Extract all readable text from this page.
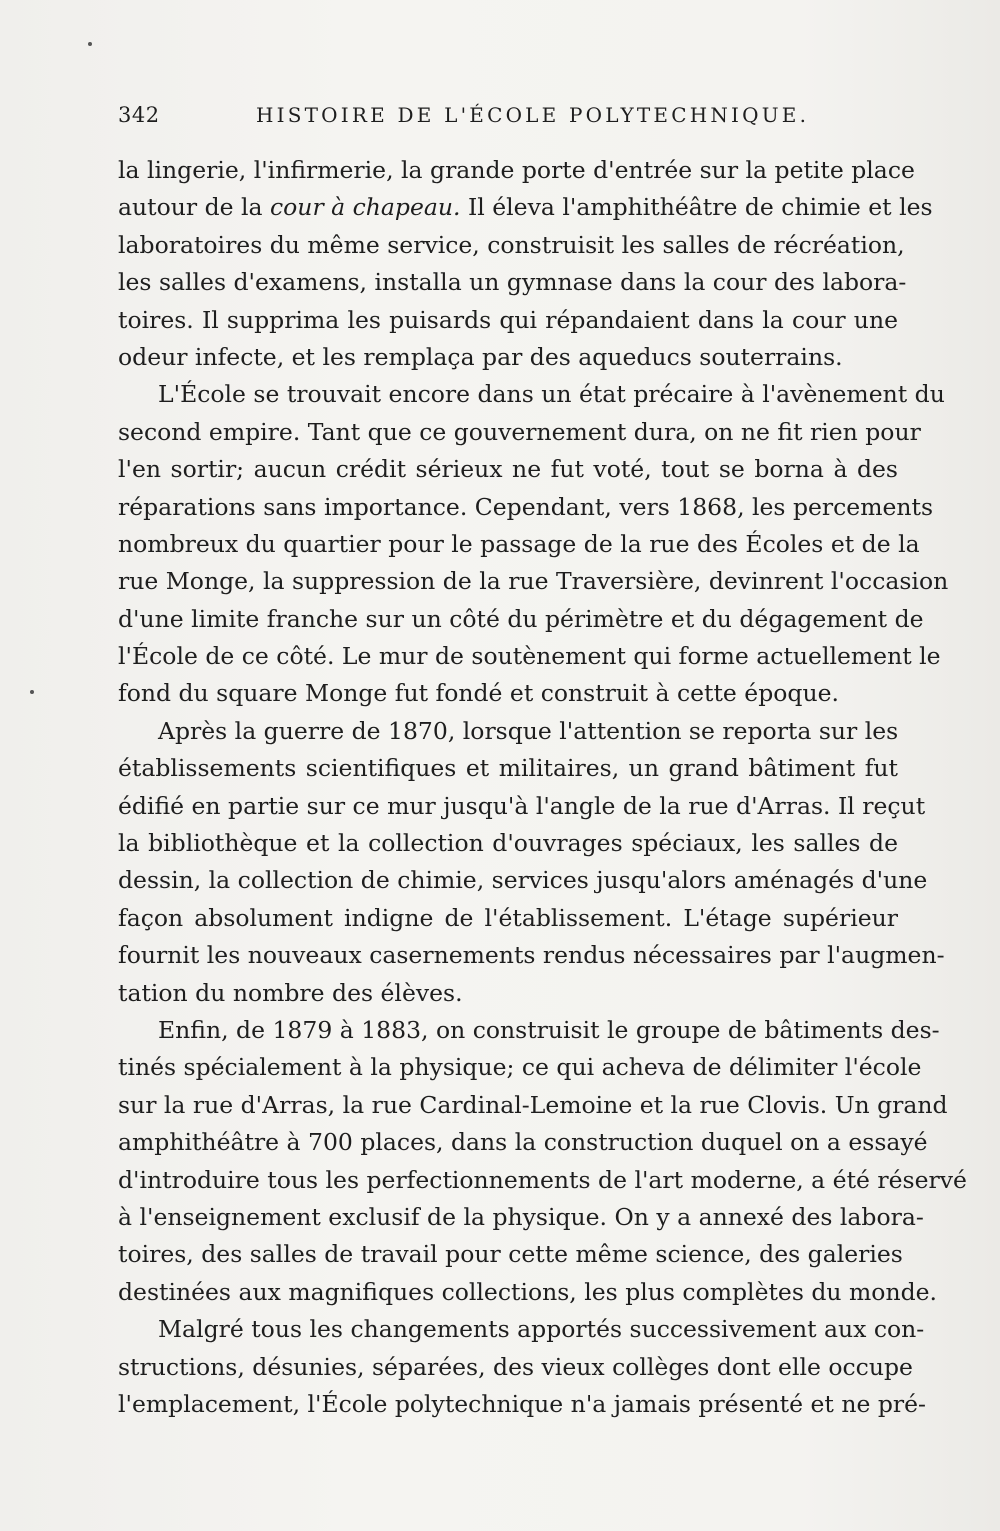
342	HISTOIRE DE L'ÉCOLE POLYTECHNIQUE.
la lingerie, l'infirmerie, la grande porte d'entrée sur la petite place
autour de la cour à chapeau. Il éleva l'amphithéâtre de chimie et les
laboratoires du même service, construisit les salles de récréation,
les salles d'examens, installa un gymnase dans la cour des labora-
toires. Il supprima les puisards qui répandaient dans la cour une
odeur infecte, et les remplaça par des aqueducs souterrains.
L'École se trouvait encore dans un état précaire à l'avènement du
second empire. Tant que ce gouvernement dura, on ne fit rien pour
l'en sortir; aucun crédit sérieux ne fut voté, tout se borna à des
réparations sans importance. Cependant, vers 1868, les percements
nombreux du quartier pour le passage de la rue des Écoles et de la
rue Monge, la suppression de la rue Traversière, devinrent l'occasion
d'une limite franche sur un côté du périmètre et du dégagement de
l'École de ce côté. Le mur de soutènement qui forme actuellement le
fond du square Monge fut fondé et construit à cette époque.
Après la guerre de 1870, lorsque l'attention se reporta sur les
établissements scientifiques et militaires, un grand bâtiment fut
édifié en partie sur ce mur jusqu'à l'angle de la rue d'Arras. Il reçut
la bibliothèque et la collection d'ouvrages spéciaux, les salles de
dessin, la collection de chimie, services jusqu'alors aménagés d'une
façon absolument indigne de l'établissement. L'étage supérieur
fournit les nouveaux casernements rendus nécessaires par l'augmen-
tation du nombre des élèves.
Enfin, de 1879 à 1883, on construisit le groupe de bâtiments des-
tinés spécialement à la physique; ce qui acheva de délimiter l'école
sur la rue d'Arras, la rue Cardinal-Lemoine et la rue Clovis. Un grand
amphithéâtre à 700 places, dans la construction duquel on a essayé
d'introduire tous les perfectionnements de l'art moderne, a été réservé
à l'enseignement exclusif de la physique. On y a annexé des labora-
toires, des salles de travail pour cette même science, des galeries
destinées aux magnifiques collections, les plus complètes du monde.
Malgré tous les changements apportés successivement aux con-
structions, désunies, séparées, des vieux collèges dont elle occupe
l'emplacement, l'École polytechnique n'a jamais présenté et ne pré-
